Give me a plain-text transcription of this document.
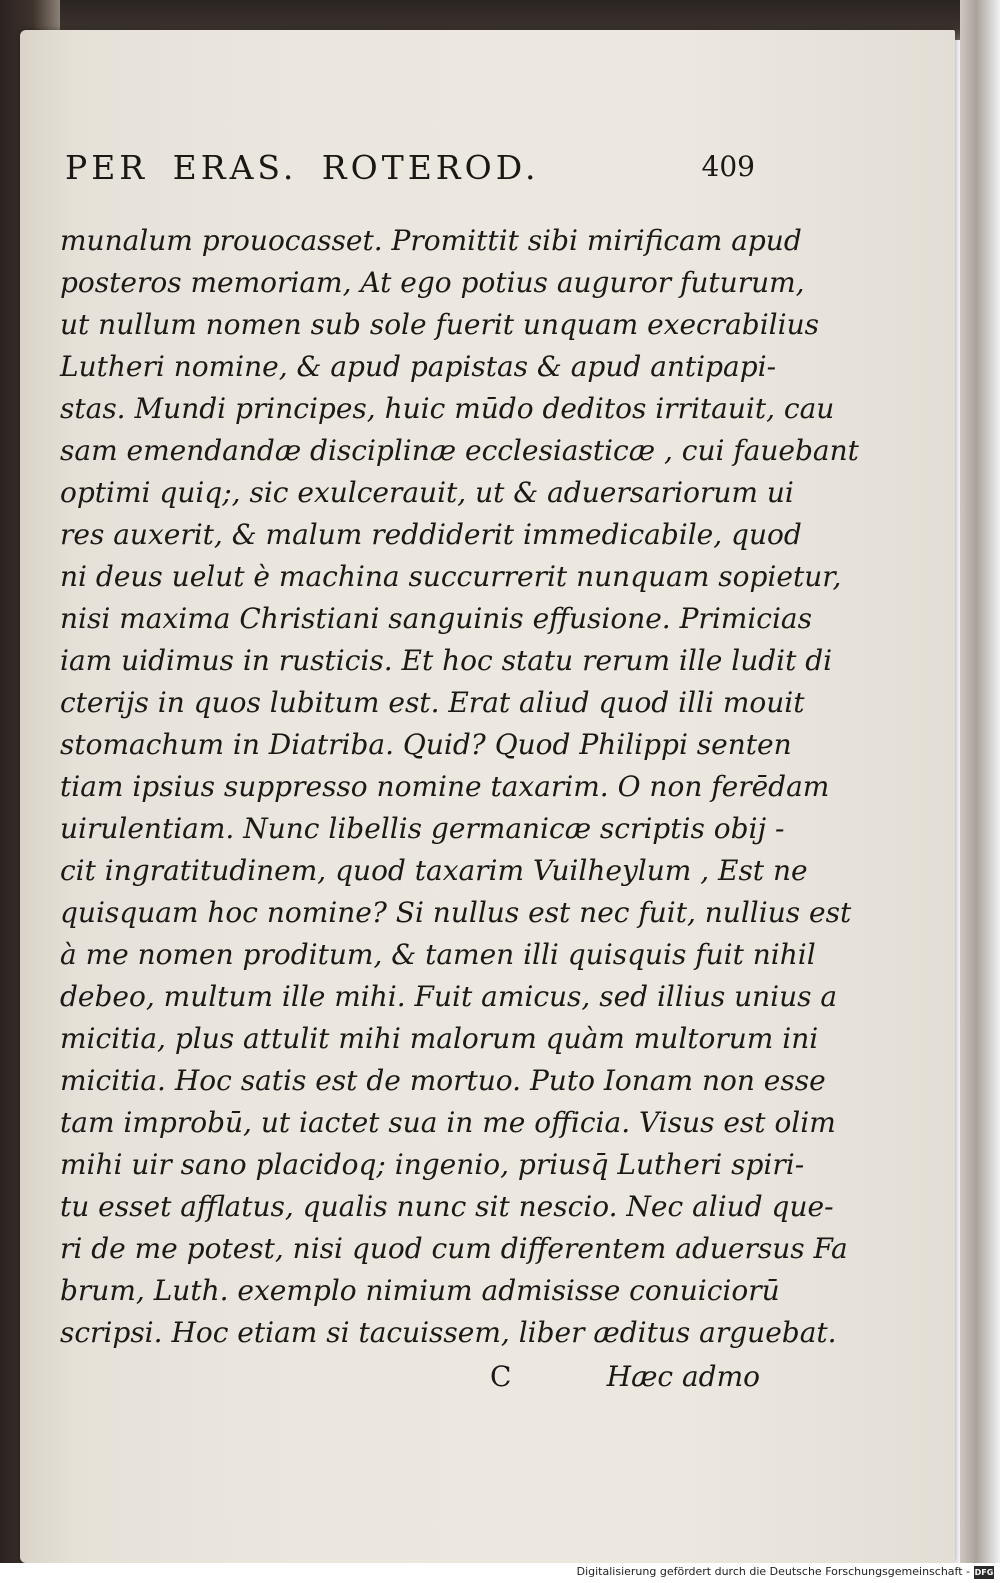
PER ERAS. ROTEROD.	409
munalum prouocasset. Promittit sibi mirificam apud
posteros memoriam, At ego potius auguror futurum,
ut nullum nomen sub sole fuerit unquam execrabilius
Lutheri nomine, & apud papistas & apud antipapi-
stas. Mundi principes, huic mūdo deditos irritauit, cau
sam emendandæ disciplinæ ecclesiasticæ , cui fauebant
optimi quiq;, sic exulcerauit, ut & aduersariorum ui
res auxerit, & malum reddiderit immedicabile, quod
ni deus uelut è machina succurrerit nunquam sopietur,
nisi maxima Christiani sanguinis effusione. Primicias
iam uidimus in rusticis. Et hoc statu rerum ille ludit di
cterijs in quos lubitum est. Erat aliud quod illi mouit
stomachum in Diatriba. Quid? Quod Philippi senten
tiam ipsius suppresso nomine taxarim. O non ferēdam
uirulentiam. Nunc libellis germanicæ scriptis obij -
cit ingratitudinem, quod taxarim Vuilheylum , Est ne
quisquam hoc nomine? Si nullus est nec fuit, nullius est
à me nomen proditum, & tamen illi quisquis fuit nihil
debeo, multum ille mihi. Fuit amicus, sed illius unius a
micitia, plus attulit mihi malorum quàm multorum ini
micitia. Hoc satis est de mortuo. Puto Ionam non esse
tam improbū, ut iactet sua in me officia. Visus est olim
mihi uir sano placidoq; ingenio, priusq̄ Lutheri spiri-
tu esset afflatus, qualis nunc sit nescio. Nec aliud que-
ri de me potest, nisi quod cum differentem aduersus Fa
brum, Luth. exemplo nimium admisisse conuiciorū
scripsi. Hoc etiam si tacuissem, liber æditus arguebat.
C	Hæc admo
Digitalisierung gefördert durch die Deutsche Forschungsgemeinschaft - DFG
